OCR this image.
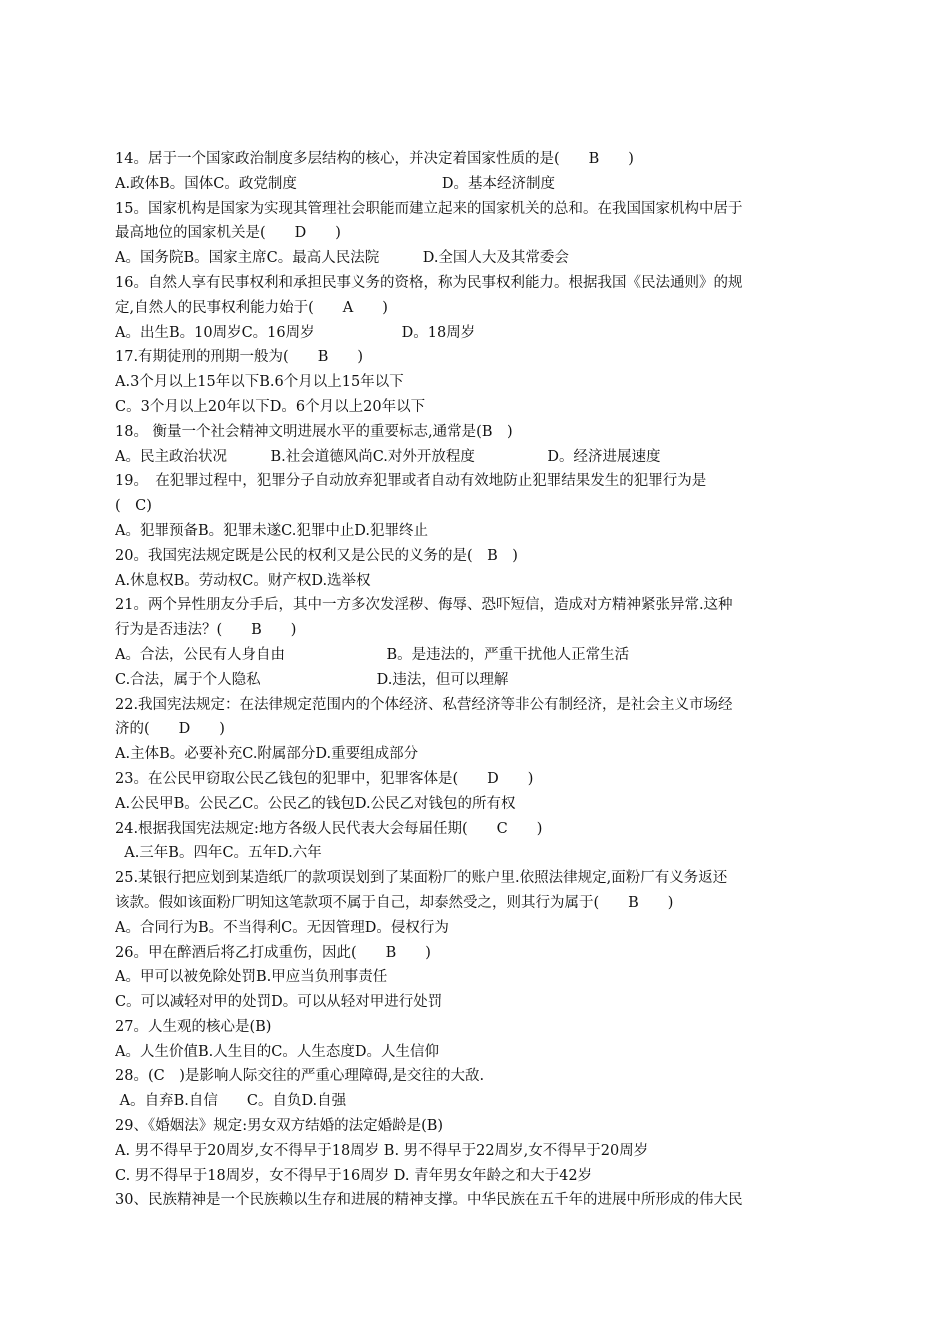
14。居于一个国家政治制度多层结构的核心，并决定着国家性质的是(　　B　　)
A.政体B。国体C。政党制度　　　　　　　　　　D。基本经济制度
15。国家机构是国家为实现其管理社会职能而建立起来的国家机关的总和。在我国国家机构中居于
最高地位的国家机关是(　　D　　)
A。国务院B。国家主席C。最高人民法院　　　D.全国人大及其常委会
16。自然人享有民事权利和承担民事义务的资格，称为民事权利能力。根据我国《民法通则》的规
定,自然人的民事权利能力始于(　　A　　)
A。出生B。10周岁C。16周岁　　　　　　D。18周岁
17.有期徒刑的刑期一般为(　　B　　)
A.3个月以上15年以下B.6个月以上15年以下
C。3个月以上20年以下D。6个月以上20年以下
18。 衡量一个社会精神文明进展水平的重要标志,通常是(B　)
A。民主政治状况　　　B.社会道德风尚C.对外开放程度　　　　　D。经济进展速度
19。　在犯罪过程中，犯罪分子自动放弃犯罪或者自动有效地防止犯罪结果发生的犯罪行为是
(　C)
A。犯罪预备B。犯罪未遂C.犯罪中止D.犯罪终止
20。我国宪法规定既是公民的权利又是公民的义务的是(　B　)
A.休息权B。劳动权C。财产权D.选举权
21。两个异性朋友分手后，其中一方多次发淫秽、侮辱、恐吓短信，造成对方精神紧张异常.这种
行为是否违法？(　　B　　)
A。合法，公民有人身自由　　　　　　　B。是违法的，严重干扰他人正常生活
C.合法，属于个人隐私　　　　　　　　D.违法，但可以理解
22.我国宪法规定：在法律规定范围内的个体经济、私营经济等非公有制经济，是社会主义市场经
济的(　　D　　)
A.主体B。必要补充C.附属部分D.重要组成部分
23。在公民甲窃取公民乙钱包的犯罪中，犯罪客体是(　　D　　)
A.公民甲B。公民乙C。公民乙的钱包D.公民乙对钱包的所有权
24.根据我国宪法规定:地方各级人民代表大会每届任期(　　C　　)
A.三年B。四年C。五年D.六年
25.某银行把应划到某造纸厂的款项误划到了某面粉厂的账户里.依照法律规定,面粉厂有义务返还
该款。假如该面粉厂明知这笔款项不属于自己，却泰然受之，则其行为属于(　　B　　)
A。合同行为B。不当得利C。无因管理D。侵权行为
26。甲在醉酒后将乙打成重伤，因此(　　B　　)
A。甲可以被免除处罚B.甲应当负刑事责任
C。可以减轻对甲的处罚D。可以从轻对甲进行处罚
27。人生观的核心是(B)
A。人生价值B.人生目的C。人生态度D。人生信仰
28。(C　)是影响人际交往的严重心理障碍,是交往的大敌.
A。自弃B.自信　　C。自负D.自强
29、《婚姻法》规定:男女双方结婚的法定婚龄是(B)
A. 男不得早于20周岁,女不得早于18周岁 B. 男不得早于22周岁,女不得早于20周岁
C. 男不得早于18周岁，女不得早于16周岁 D. 青年男女年龄之和大于42岁
30、民族精神是一个民族赖以生存和进展的精神支撑。中华民族在五千年的进展中所形成的伟大民
